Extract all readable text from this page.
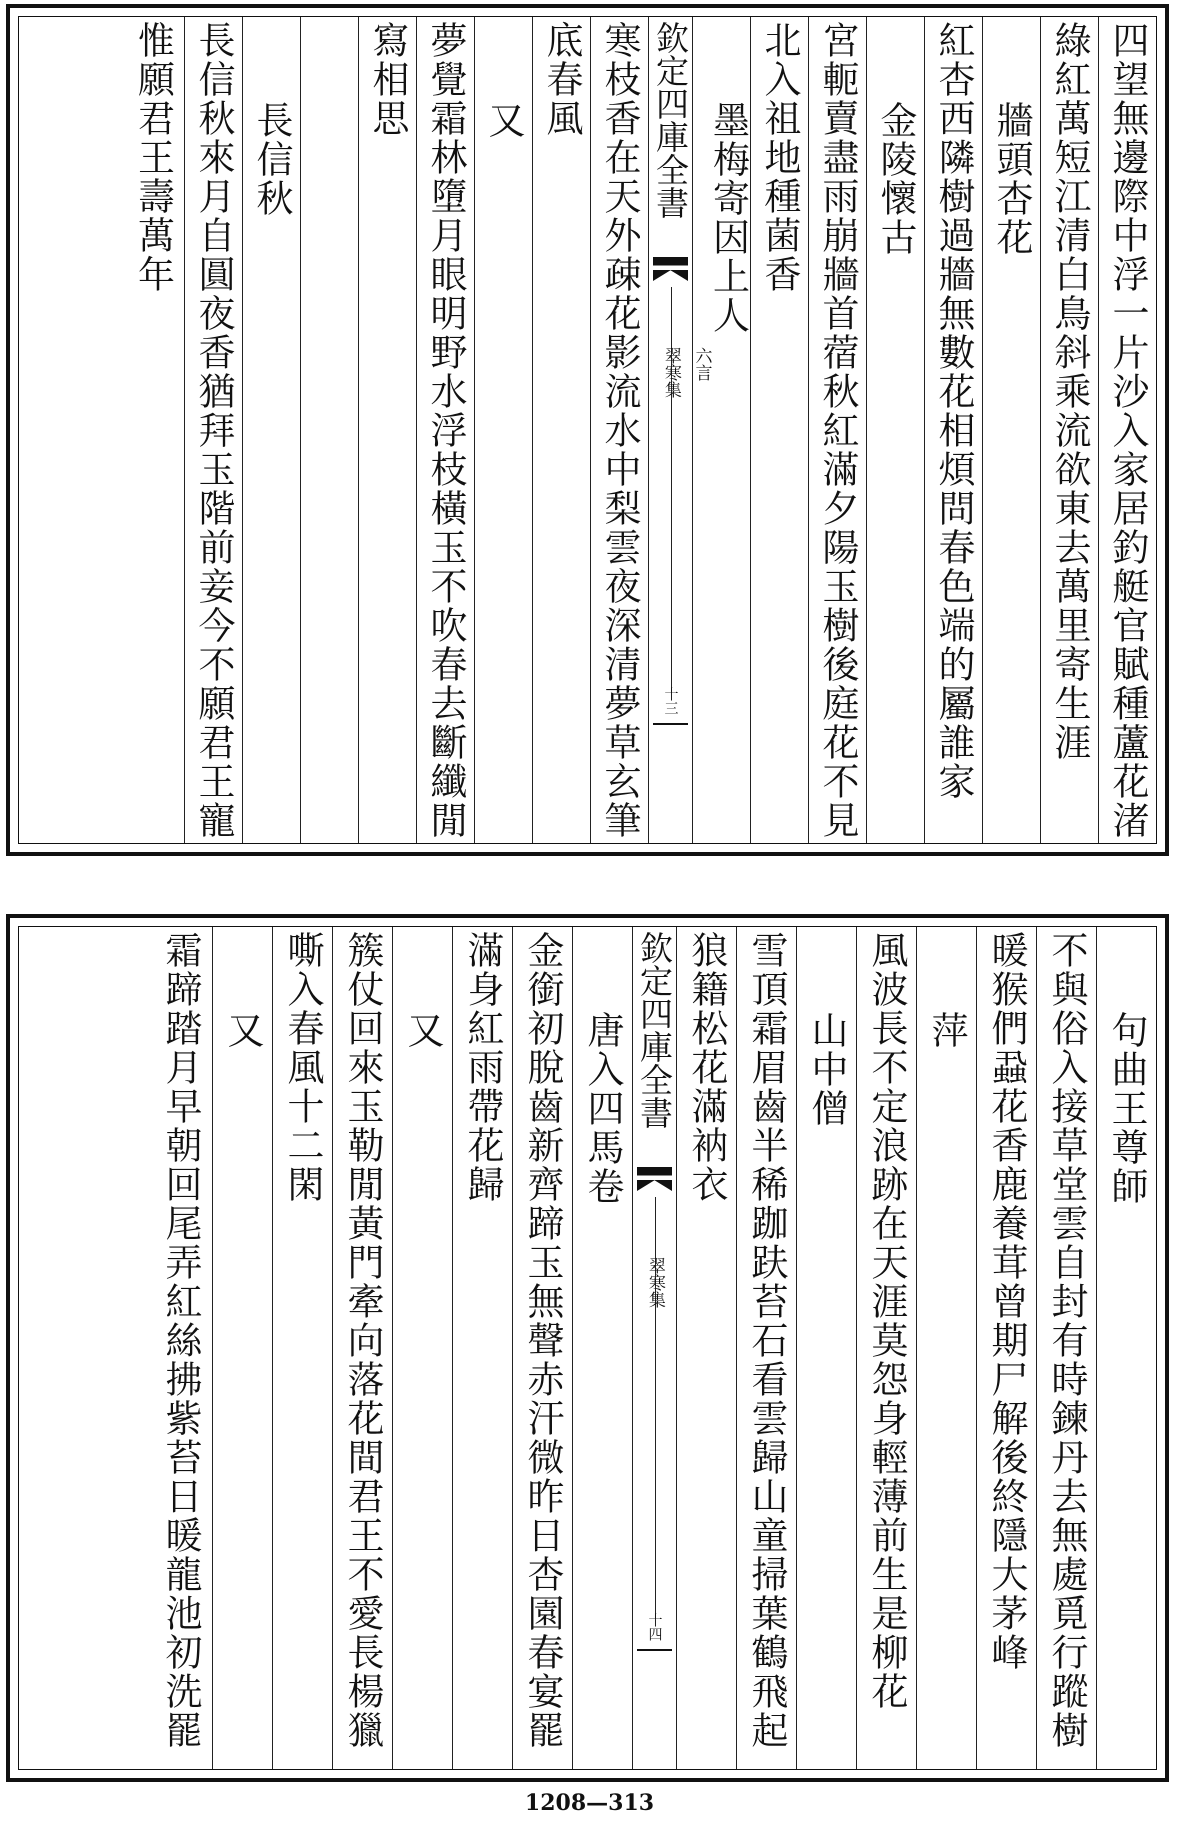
四望無邊際中浮一片沙入家居釣艇官賦種蘆花渚
綠紅萬短江清白鳥斜乘流欲東去萬里寄生涯
牆頭杏花
紅杏西隣樹過牆無數花相煩問春色端的屬誰家
金陵懷古
宮軛賣盡雨崩牆首蓿秋紅滿夕陽玉樹後庭花不見
北入祖地種菌香
墨梅寄因上人
六言
欽定四庫全書
翠寒集
十三
寒枝香在天外疎花影流水中梨雲夜深清夢草玄筆
底春風
又
夢覺霜林墮月眼明野水浮枝橫玉不吹春去斷纖閒
寫相思
長信秋
長信秋來月自圓夜香猶拜玉階前妾今不願君王寵
惟願君王壽萬年
句曲王尊師
不與俗入接草堂雲自封有時鍊丹去無處覓行蹤樹
暖猴們蝨花香鹿養茸曾期尸解後終隱大茅峰
萍
風波長不定浪跡在天涯莫怨身輕薄前生是柳花
山中僧
雪頂霜眉齒半稀跏趺苔石看雲歸山童掃葉鶴飛起
狼籍松花滿衲衣
欽定四庫全書
翠寒集
十四
唐入四馬卷
金銜初脫齒新齊蹄玉無聲赤汗微昨日杏園春宴罷
滿身紅雨帶花歸
又
簇仗回來玉勒閒黃門牽向落花間君王不愛長楊獵
嘶入春風十二閑
又
霜蹄踏月早朝回尾弄紅絲拂紫苔日暖龍池初洗罷
1208—313
